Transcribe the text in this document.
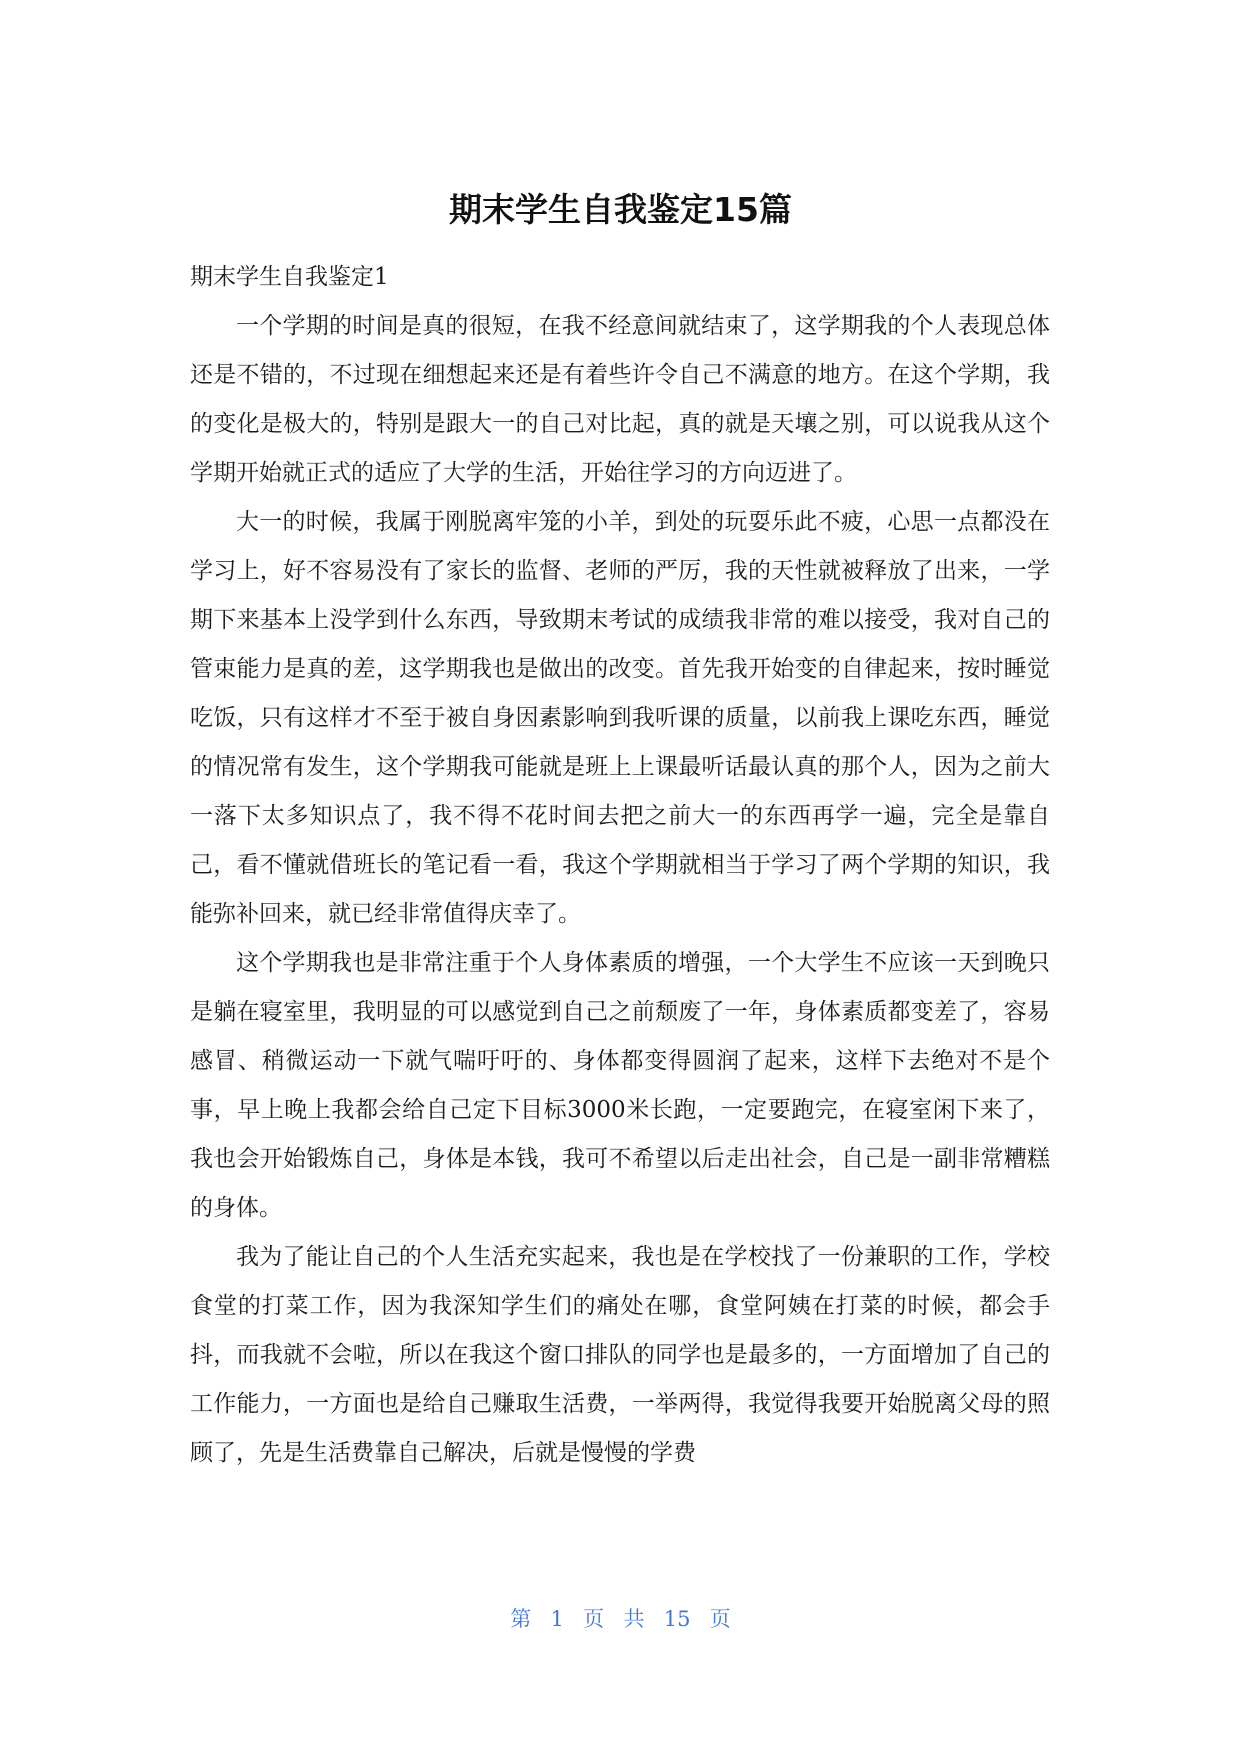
期末学生自我鉴定15篇

期末学生自我鉴定1

一个学期的时间是真的很短，在我不经意间就结束了，这学期我的个人表现总体还是不错的，不过现在细想起来还是有着些许令自己不满意的地方。在这个学期，我的变化是极大的，特别是跟大一的自己对比起，真的就是天壤之别，可以说我从这个学期开始就正式的适应了大学的生活，开始往学习的方向迈进了。

大一的时候，我属于刚脱离牢笼的小羊，到处的玩耍乐此不疲，心思一点都没在学习上，好不容易没有了家长的监督、老师的严厉，我的天性就被释放了出来，一学期下来基本上没学到什么东西，导致期末考试的成绩我非常的难以接受，我对自己的管束能力是真的差，这学期我也是做出的改变。首先我开始变的自律起来，按时睡觉吃饭，只有这样才不至于被自身因素影响到我听课的质量，以前我上课吃东西，睡觉的情况常有发生，这个学期我可能就是班上上课最听话最认真的那个人，因为之前大一落下太多知识点了，我不得不花时间去把之前大一的东西再学一遍，完全是靠自己，看不懂就借班长的笔记看一看，我这个学期就相当于学习了两个学期的知识，我能弥补回来，就已经非常值得庆幸了。

这个学期我也是非常注重于个人身体素质的增强，一个大学生不应该一天到晚只是躺在寝室里，我明显的可以感觉到自己之前颓废了一年，身体素质都变差了，容易感冒、稍微运动一下就气喘吁吁的、身体都变得圆润了起来，这样下去绝对不是个事，早上晚上我都会给自己定下目标3000米长跑，一定要跑完，在寝室闲下来了，我也会开始锻炼自己，身体是本钱，我可不希望以后走出社会，自己是一副非常糟糕的身体。

我为了能让自己的个人生活充实起来，我也是在学校找了一份兼职的工作，学校食堂的打菜工作，因为我深知学生们的痛处在哪，食堂阿姨在打菜的时候，都会手抖，而我就不会啦，所以在我这个窗口排队的同学也是最多的，一方面增加了自己的工作能力，一方面也是给自己赚取生活费，一举两得，我觉得我要开始脱离父母的照顾了，先是生活费靠自己解决，后就是慢慢的学费

第 1 页 共 15 页
